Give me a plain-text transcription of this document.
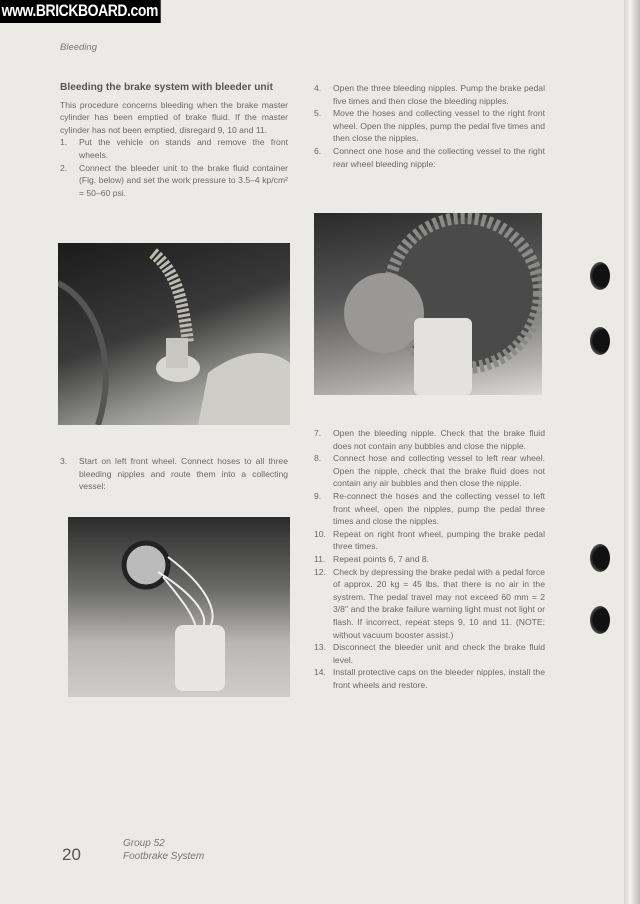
www.BRICKBOARD.com
Bleeding
Bleeding the brake system with bleeder unit

This procedure concerns bleeding when the brake master cylinder has been emptied of brake fluid. If the master cylinder has not been emptied, disregard 9, 10 and 11.

1. Put the vehicle on stands and remove the front wheels.
2. Connect the bleeder unit to the brake fluid container (Fig. below) and set the work pressure to 3.5–4 kp/cm² = 50–60 psi.
3. Start on left front wheel. Connect hoses to all three bleeding nipples and route them into a collecting vessel:
4. Open the three bleeding nipples. Pump the brake pedal five times and then close the bleeding nipples.
5. Move the hoses and collecting vessel to the right front wheel. Open the nipples, pump the pedal five times and then close the nipples.
6. Connect one hose and the collecting vessel to the right rear wheel bleeding nipple:
7. Open the bleeding nipple. Check that the brake fluid does not contain any bubbles and close the nipple.
8. Connect hose and collecting vessel to left rear wheel. Open the nipple, check that the brake fluid does not contain any air bubbles and then close the nipple.
9. Re-connect the hoses and the collecting vessel to left front wheel, open the nipples, pump the pedal three times and close the nipples.
10. Repeat on right front wheel, pumping the brake pedal three times.
11. Repeat points 6, 7 and 8.
12. Check by depressing the brake pedal with a pedal force of approx. 20 kg = 45 lbs. that there is no air in the systrem. The pedal travel may not exceed 60 mm = 2 3/8" and the brake failure warning light must not light or flash. If incorrect, repeat steps 9, 10 and 11. (NOTE: without vacuum booster assist.)
13. Disconnect the bleeder unit and check the brake fluid level.
14. Install protective caps on the bleeder nipples, install the front wheels and restore.
20
Group 52
Footbrake System
